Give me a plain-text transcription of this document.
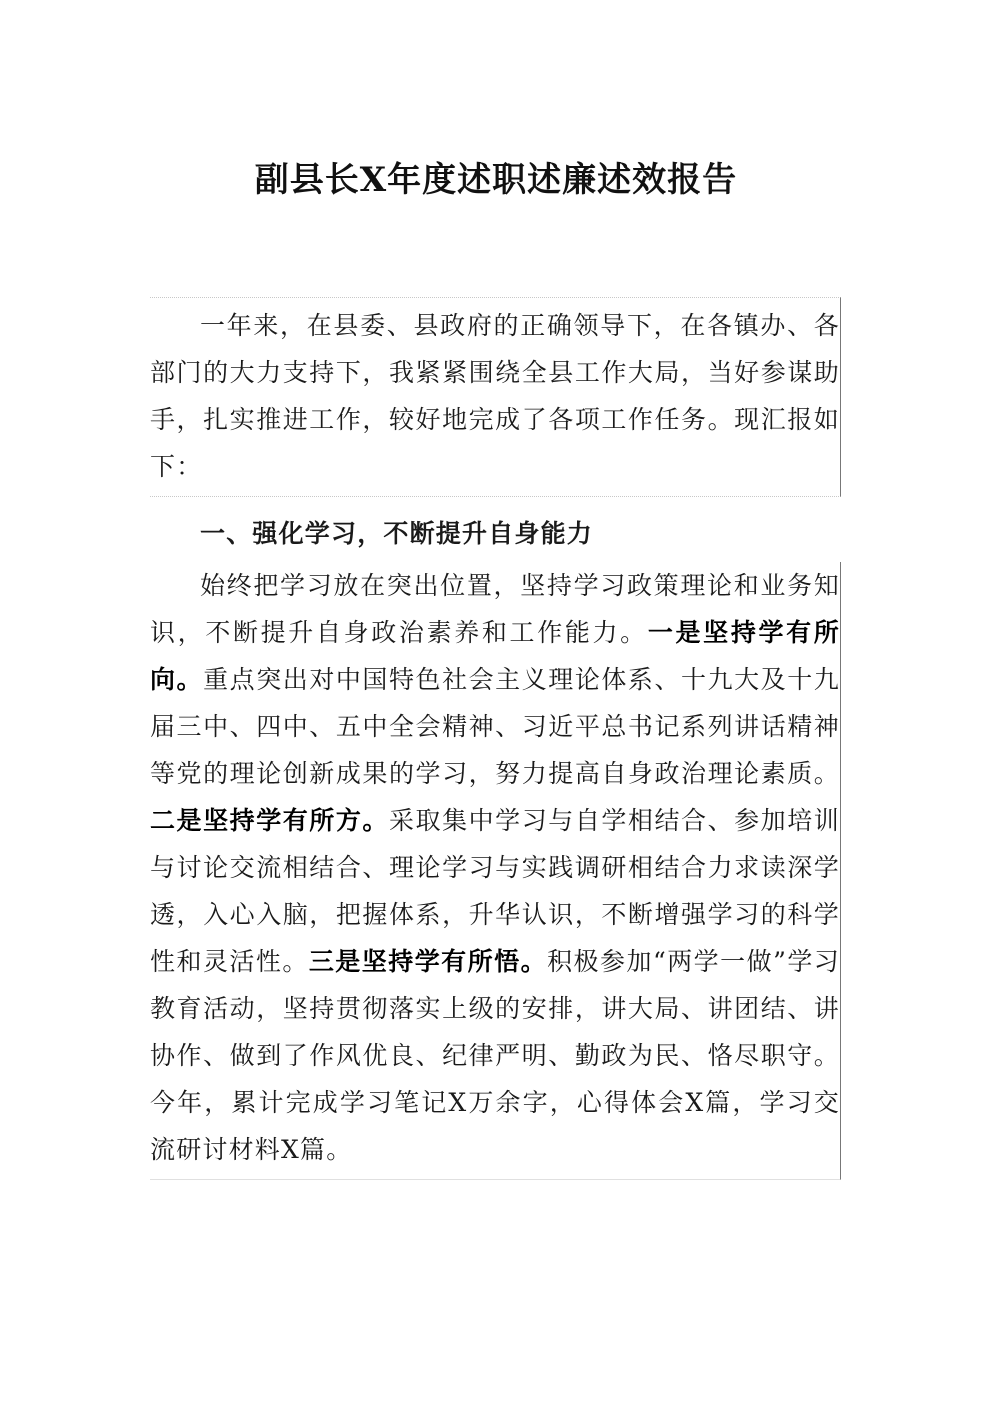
副县长X年度述职述廉述效报告

一年来，在县委、县政府的正确领导下，在各镇办、各部门的大力支持下，我紧紧围绕全县工作大局，当好参谋助手，扎实推进工作，较好地完成了各项工作任务。现汇报如下：

一、强化学习，不断提升自身能力

始终把学习放在突出位置，坚持学习政策理论和业务知识，不断提升自身政治素养和工作能力。一是坚持学有所向。重点突出对中国特色社会主义理论体系、十九大及十九届三中、四中、五中全会精神、习近平总书记系列讲话精神等党的理论创新成果的学习，努力提高自身政治理论素质。二是坚持学有所方。采取集中学习与自学相结合、参加培训与讨论交流相结合、理论学习与实践调研相结合力求读深学透，入心入脑，把握体系，升华认识，不断增强学习的科学性和灵活性。三是坚持学有所悟。积极参加“两学一做”学习教育活动，坚持贯彻落实上级的安排，讲大局、讲团结、讲协作、做到了作风优良、纪律严明、勤政为民、恪尽职守。今年，累计完成学习笔记X万余字，心得体会X篇，学习交流研讨材料X篇。
